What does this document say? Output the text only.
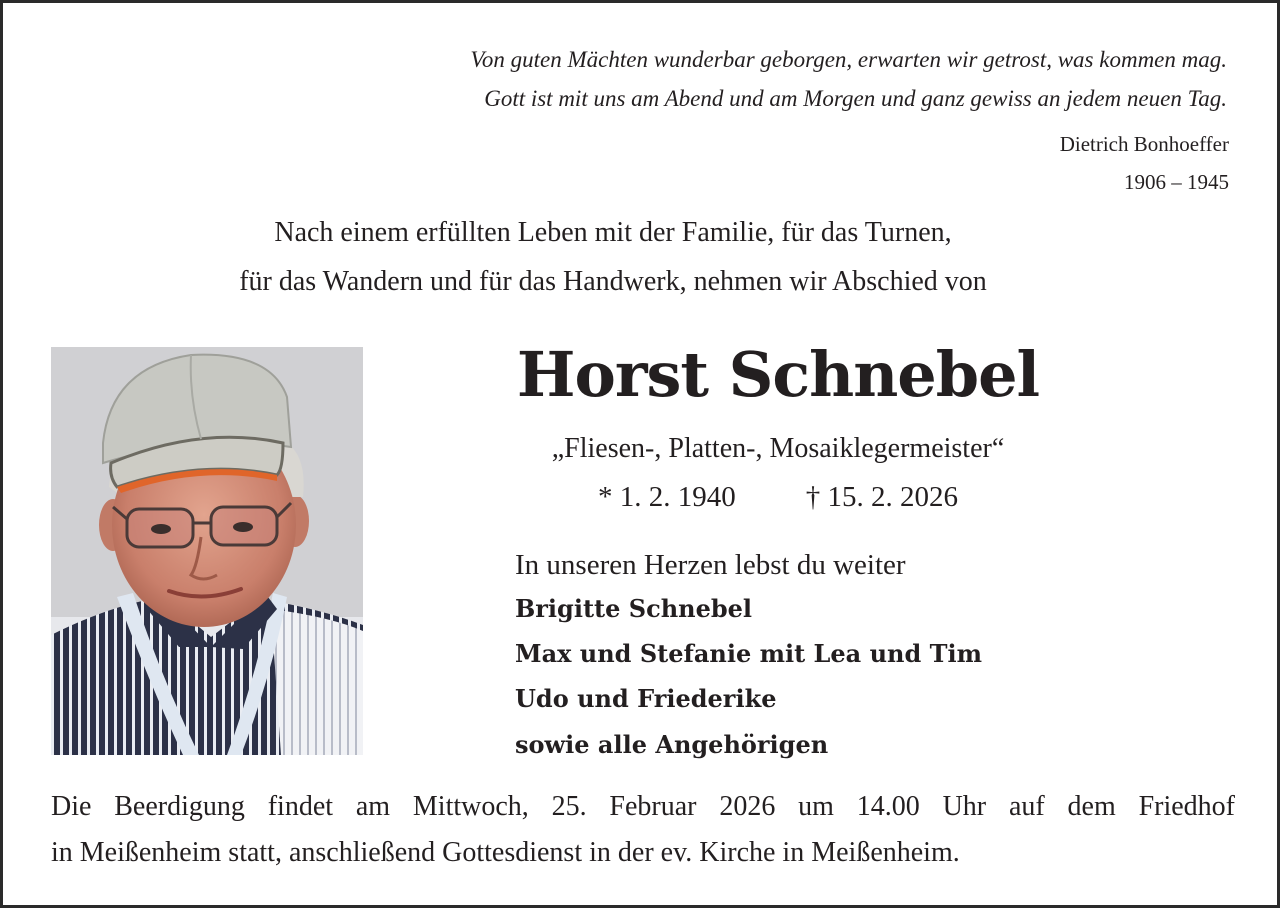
Von guten Mächten wunderbar geborgen, erwarten wir getrost, was kommen mag.
Gott ist mit uns am Abend und am Morgen und ganz gewiss an jedem neuen Tag.
Dietrich Bonhoeffer
1906 – 1945
Nach einem erfüllten Leben mit der Familie, für das Turnen,
für das Wandern und für das Handwerk, nehmen wir Abschied von
Horst Schnebel
„Fliesen-, Platten-, Mosaiklegermeister“
* 1. 2. 1940 † 15. 2. 2026
In unseren Herzen lebst du weiter
Brigitte Schnebel
Max und Stefanie mit Lea und Tim
Udo und Friederike
sowie alle Angehörigen
Die Beerdigung findet am Mittwoch, 25. Februar 2026 um 14.00 Uhr auf dem Friedhof
in Meißenheim statt, anschließend Gottesdienst in der ev. Kirche in Meißenheim.
